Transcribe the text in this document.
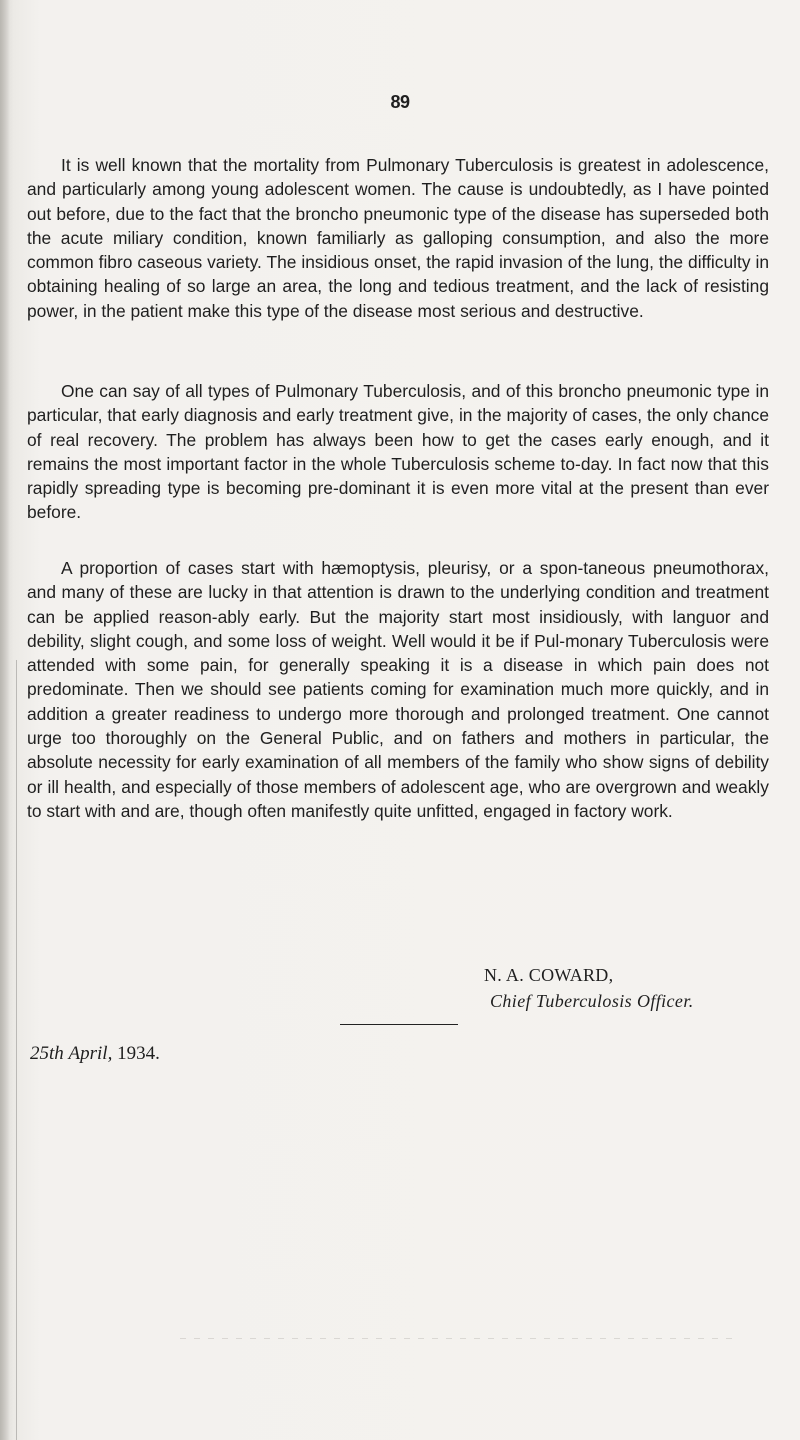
89

It is well known that the mortality from Pulmonary Tuberculosis is greatest in adolescence, and particularly among young adolescent women. The cause is undoubtedly, as I have pointed out before, due to the fact that the broncho pneumonic type of the disease has superseded both the acute miliary condition, known familiarly as galloping consumption, and also the more common fibro caseous variety. The insidious onset, the rapid invasion of the lung, the difficulty in obtaining healing of so large an area, the long and tedious treatment, and the lack of resisting power, in the patient make this type of the disease most serious and destructive.

One can say of all types of Pulmonary Tuberculosis, and of this broncho pneumonic type in particular, that early diagnosis and early treatment give, in the majority of cases, the only chance of real recovery. The problem has always been how to get the cases early enough, and it remains the most important factor in the whole Tuberculosis scheme to-day. In fact now that this rapidly spreading type is becoming pre-dominant it is even more vital at the present than ever before.

A proportion of cases start with hæmoptysis, pleurisy, or a spon-taneous pneumothorax, and many of these are lucky in that attention is drawn to the underlying condition and treatment can be applied reason-ably early. But the majority start most insidiously, with languor and debility, slight cough, and some loss of weight. Well would it be if Pul-monary Tuberculosis were attended with some pain, for generally speaking it is a disease in which pain does not predominate. Then we should see patients coming for examination much more quickly, and in addition a greater readiness to undergo more thorough and prolonged treatment. One cannot urge too thoroughly on the General Public, and on fathers and mothers in particular, the absolute necessity for early examination of all members of the family who show signs of debility or ill health, and especially of those members of adolescent age, who are overgrown and weakly to start with and are, though often manifestly quite unfitted, engaged in factory work.

N. A. COWARD,
Chief Tuberculosis Officer.
25th April, 1934.
